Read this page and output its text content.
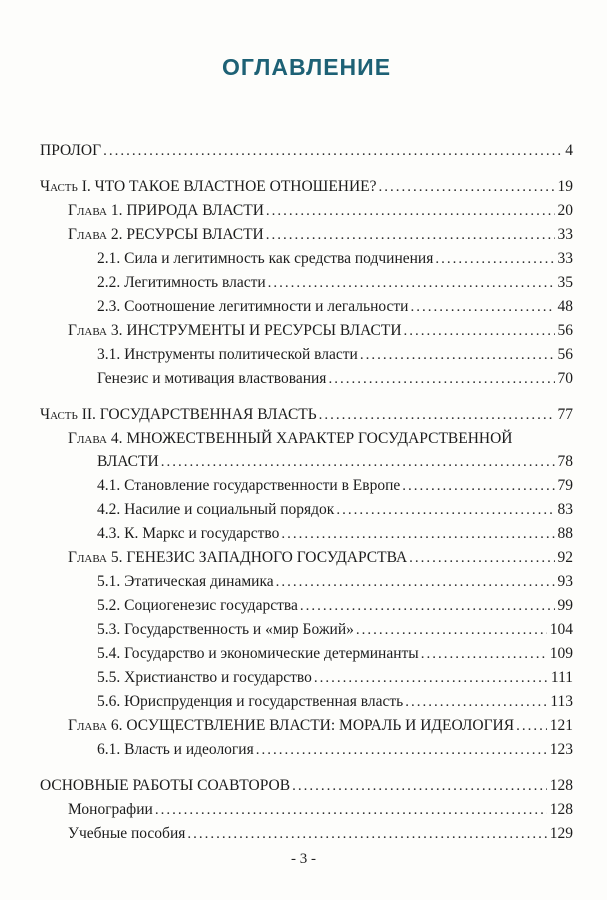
ОГЛАВЛЕНИЕ
ПРОЛОГ .....	4
Часть I. ЧТО ТАКОЕ ВЛАСТНОЕ ОТНОШЕНИЕ? .....	19
Глава 1. ПРИРОДА ВЛАСТИ .....	20
Глава 2. РЕСУРСЫ ВЛАСТИ .....	33
2.1. Сила и легитимность как средства подчинения .....	33
2.2. Легитимность власти .....	35
2.3. Соотношение легитимности и легальности .....	48
Глава 3. ИНСТРУМЕНТЫ И РЕСУРСЫ ВЛАСТИ .....	56
3.1. Инструменты политической власти .....	56
Генезис и мотивация властвования .....	70
Часть II. ГОСУДАРСТВЕННАЯ ВЛАСТЬ .....	77
Глава 4. МНОЖЕСТВЕННЫЙ ХАРАКТЕР ГОСУДАРСТВЕННОЙ
ВЛАСТИ .....	78
4.1. Становление государственности в Европе .....	79
4.2. Насилие и социальный порядок .....	83
4.3. К. Маркс и государство .....	88
Глава 5. ГЕНЕЗИС ЗАПАДНОГО ГОСУДАРСТВА .....	92
5.1. Этатическая динамика .....	93
5.2. Социогенезис государства .....	99
5.3. Государственность и «мир Божий» .....	104
5.4. Государство и экономические детерминанты .....	109
5.5. Христианство и государство .....	111
5.6. Юриспруденция и государственная власть .....	113
Глава 6. ОСУЩЕСТВЛЕНИЕ ВЛАСТИ: МОРАЛЬ И ИДЕОЛОГИЯ ..... 121
6.1. Власть и идеология .....	123
ОСНОВНЫЕ РАБОТЫ СОАВТОРОВ .....	128
Монографии .....	128
Учебные пособия .....	129
- 3 -
